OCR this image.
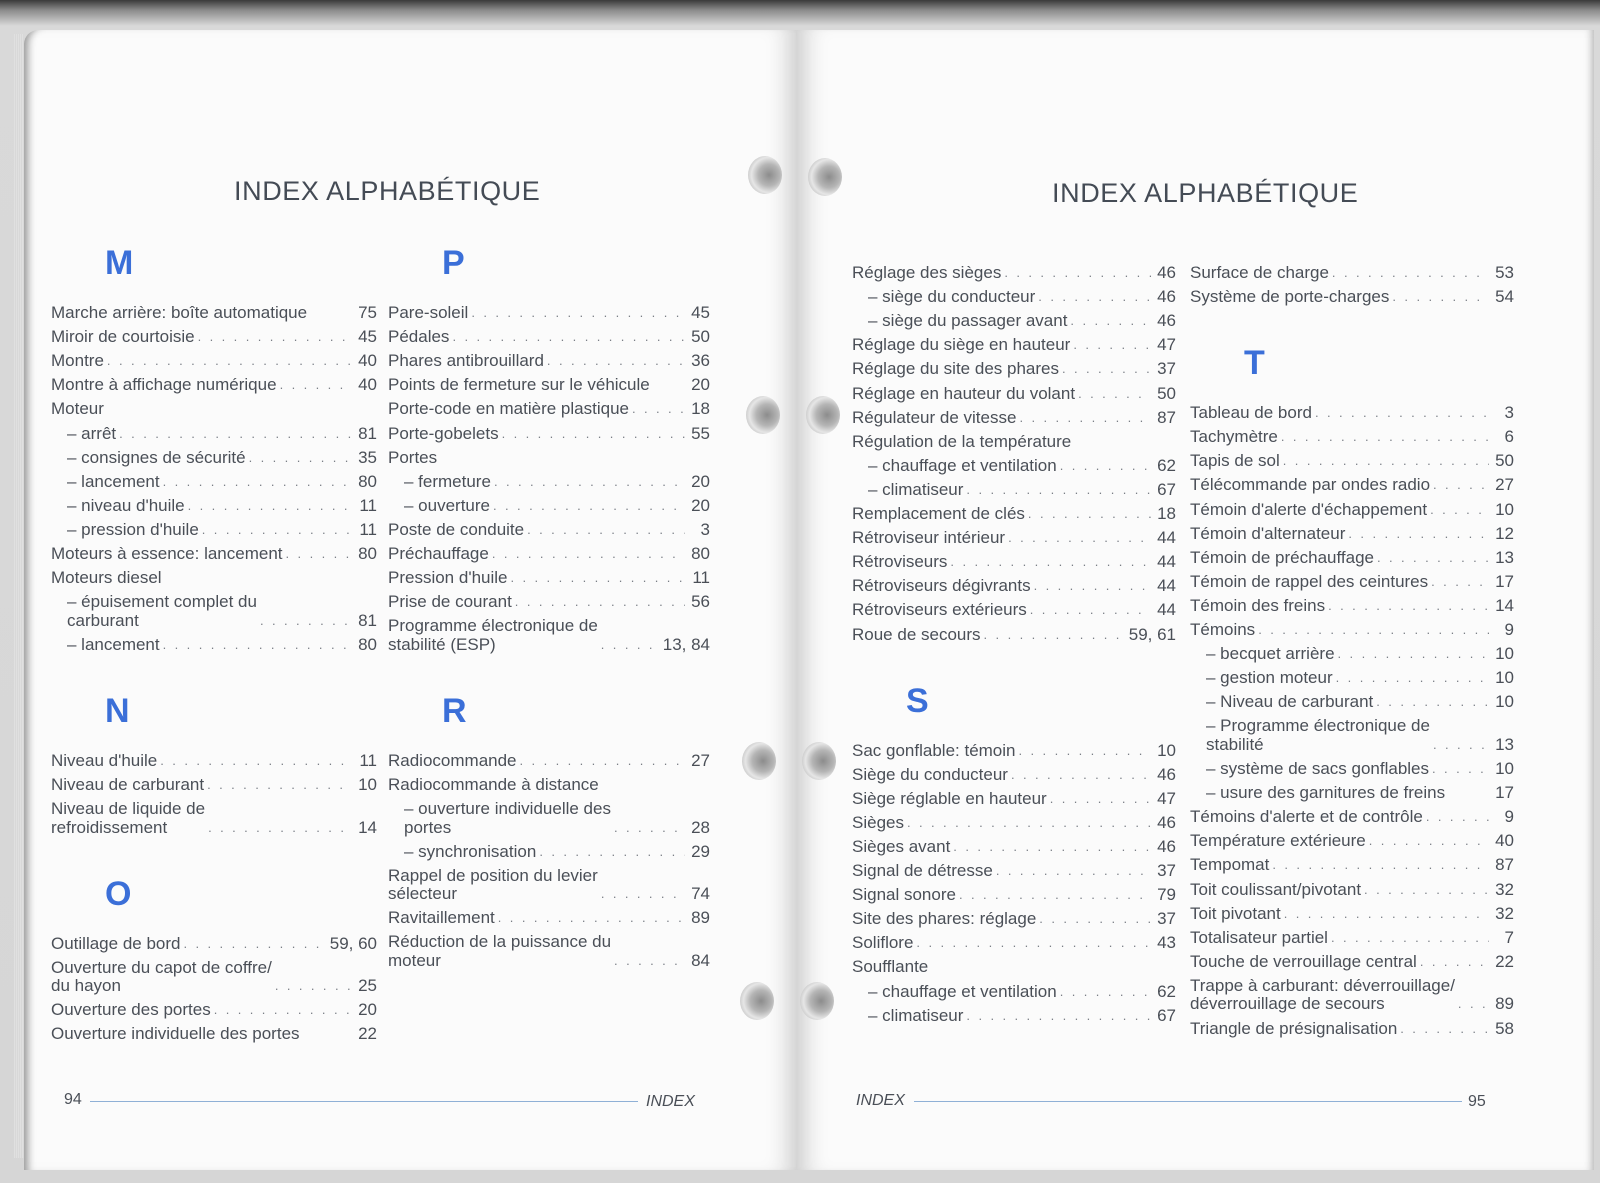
INDEX ALPHABÉTIQUE
M
Marche arrière: boîte automatique	75
Miroir de courtoisie . . .	45
Montre . . .	40
Montre à affichage numérique . . .	40
Moteur
– arrêt . . .	81
– consignes de sécurité . . .	35
– lancement . . .	80
– niveau d'huile . . .	11
– pression d'huile . . .	11
Moteurs à essence: lancement . . .	80
Moteurs diesel
– épuisement complet du
carburant . . .	81
– lancement . . .	80
N
Niveau d'huile . . .	11
Niveau de carburant . . .	10
Niveau de liquide de
refroidissement . . .	14
O
Outillage de bord . . .	59, 60
Ouverture du capot de coffre/
du hayon . . .	25
Ouverture des portes . . .	20
Ouverture individuelle des portes	22
P
Pare-soleil . . .	45
Pédales . . .	50
Phares antibrouillard . . .	36
Points de fermeture sur le véhicule 20
Porte-code en matière plastique . . .	18
Porte-gobelets . . .	55
Portes
– fermeture . . .	20
– ouverture . . .	20
Poste de conduite . . .	3
Préchauffage . . .	80
Pression d'huile . . .	11
Prise de courant . . .	56
Programme électronique de
stabilité (ESP) . . .	13, 84
R
Radiocommande . . .	27
Radiocommande à distance
– ouverture individuelle des
portes . . .	28
– synchronisation . . .	29
Rappel de position du levier
sélecteur . . .	74
Ravitaillement . . .	89
Réduction de la puissance du
moteur . . .	84
94	INDEX
INDEX ALPHABÉTIQUE
Réglage des sièges . . .	46
– siège du conducteur . . .	46
– siège du passager avant . . .	46
Réglage du siège en hauteur . . .	47
Réglage du site des phares . . .	37
Réglage en hauteur du volant . . .	50
Régulateur de vitesse . . .	87
Régulation de la température
– chauffage et ventilation . . .	62
– climatiseur . . .	67
Remplacement de clés . . .	18
Rétroviseur intérieur . . .	44
Rétroviseurs . . .	44
Rétroviseurs dégivrants . . .	44
Rétroviseurs extérieurs . . .	44
Roue de secours . . .	59, 61
S
Sac gonflable: témoin . . .	10
Siège du conducteur . . .	46
Siège réglable en hauteur . . .	47
Sièges . . .	46
Sièges avant . . .	46
Signal de détresse . . .	37
Signal sonore . . .	79
Site des phares: réglage . . .	37
Soliflore . . .	43
Soufflante
– chauffage et ventilation . . .	62
– climatiseur . . .	67
Surface de charge . . .	53
Système de porte-charges . . .	54
T
Tableau de bord . . .	3
Tachymètre . . .	6
Tapis de sol . . .	50
Télécommande par ondes radio . . .	27
Témoin d'alerte d'échappement . . .	10
Témoin d'alternateur . . .	12
Témoin de préchauffage . . .	13
Témoin de rappel des ceintures . . .	17
Témoin des freins . . .	14
Témoins . . .	9
– becquet arrière . . .	10
– gestion moteur . . .	10
– Niveau de carburant . . .	10
– Programme électronique de
stabilité . . .	13
– système de sacs gonflables . . .	10
– usure des garnitures de freins	17
Témoins d'alerte et de contrôle . . .	9
Température extérieure . . .	40
Tempomat . . .	87
Toit coulissant/pivotant . . .	32
Toit pivotant . . .	32
Totalisateur partiel . . .	7
Touche de verrouillage central . . .	22
Trappe à carburant: déverrouillage/
déverrouillage de secours . . .	89
Triangle de présignalisation . . .	58
INDEX	95
